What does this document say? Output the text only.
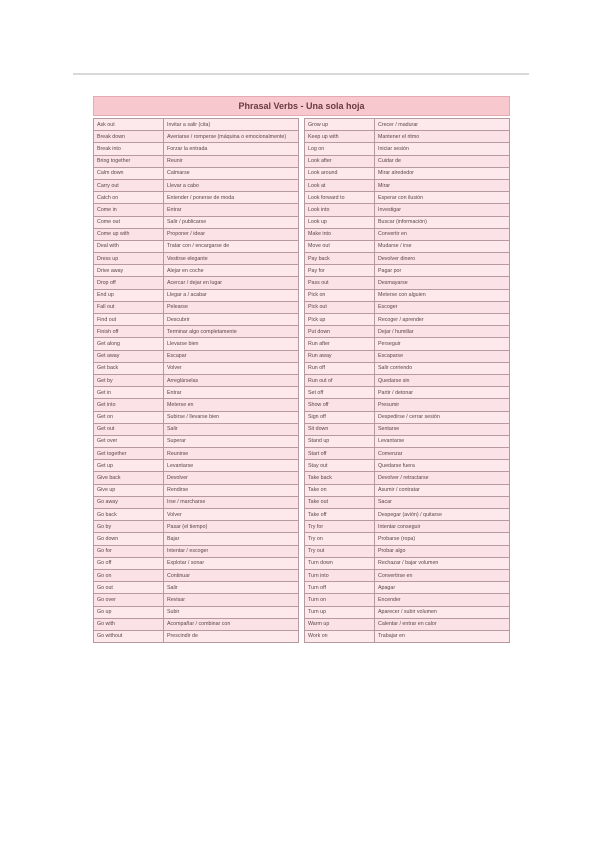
Phrasal Verbs - Una sola hoja
Ask out	Invitar a salir (cita)
Break down	Averiarse / romperse (máquina o emocionalmente)
Break into	Forzar la entrada
Bring together	Reunir
Calm down	Calmarse
Carry out	Llevar a cabo
Catch on	Entender / ponerse de moda
Come in	Entrar
Come out	Salir / publicarse
Come up with	Proponer / idear
Deal with	Tratar con / encargarse de
Dress up	Vestirse elegante
Drive away	Alejar en coche
Drop off	Acercar / dejar en lugar
End up	Llegar a / acabar
Fall out	Pelearse
Find out	Descubrir
Finish off	Terminar algo completamente
Get along	Llevarse bien
Get away	Escapar
Get back	Volver
Get by	Arreglárselas
Get in	Entrar
Get into	Meterse en
Get on	Subirse / llevarse bien
Get out	Salir
Get over	Superar
Get together	Reunirse
Get up	Levantarse
Give back	Devolver
Give up	Rendirse
Go away	Irse / marcharse
Go back	Volver
Go by	Pasar (el tiempo)
Go down	Bajar
Go for	Intentar / escoger
Go off	Explotar / sonar
Go on	Continuar
Go out	Salir
Go over	Revisar
Go up	Subir
Go with	Acompañar / combinar con
Go without	Prescindir de
Grow up	Crecer / madurar
Keep up with	Mantener el ritmo
Log on	Iniciar sesión
Look after	Cuidar de
Look around	Mirar alrededor
Look at	Mirar
Look forward to	Esperar con ilusión
Look into	Investigar
Look up	Buscar (información)
Make into	Convertir en
Move out	Mudarse / irse
Pay back	Devolver dinero
Pay for	Pagar por
Pass out	Desmayarse
Pick on	Meterse con alguien
Pick out	Escoger
Pick up	Recoger / aprender
Put down	Dejar / humillar
Run after	Perseguir
Run away	Escaparse
Run off	Salir corriendo
Run out of	Quedarse sin
Set off	Partir / detonar
Show off	Presumir
Sign off	Despedirse / cerrar sesión
Sit down	Sentarse
Stand up	Levantarse
Start off	Comenzar
Stay out	Quedarse fuera
Take back	Devolver / retractarse
Take on	Asumir / contratar
Take out	Sacar
Take off	Despegar (avión) / quitarse
Try for	Intentar conseguir
Try on	Probarse (ropa)
Try out	Probar algo
Turn down	Rechazar / bajar volumen
Turn into	Convertirse en
Turn off	Apagar
Turn on	Encender
Turn up	Aparecer / subir volumen
Warm up	Calentar / entrar en calor
Work on	Trabajar en
